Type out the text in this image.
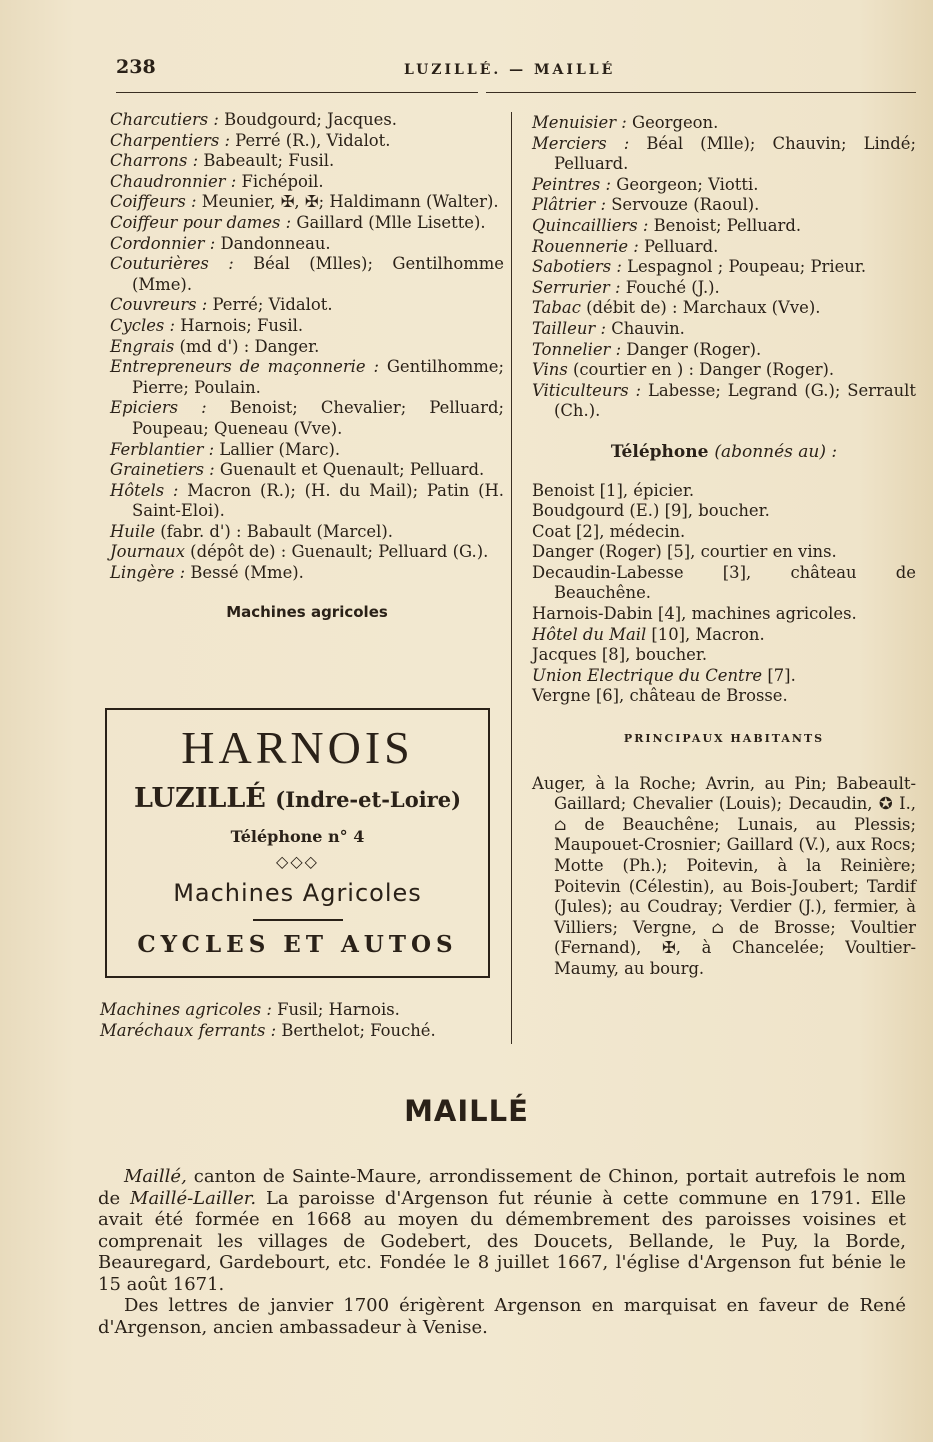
238	LUZILLÉ. — MAILLÉ

Charcutiers : Boudgourd; Jacques.

Charpentiers : Perré (R.), Vidalot.

Charrons : Babeault; Fusil.

Chaudronnier : Fichépoil.

Coiffeurs : Meunier, ✠, ✠; Haldimann (Walter).

Coiffeur pour dames : Gaillard (Mlle Lisette).

Cordonnier : Dandonneau.

Couturières : Béal (Mlles); Gentilhomme (Mme).

Couvreurs : Perré; Vidalot.

Cycles : Harnois; Fusil.

Engrais (md d') : Danger.

Entrepreneurs de maçonnerie : Gentilhomme; Pierre; Poulain.

Epiciers : Benoist; Chevalier; Pelluard; Poupeau; Queneau (Vve).

Ferblantier : Lallier (Marc).

Grainetiers : Guenault et Quenault; Pelluard.

Hôtels : Macron (R.); (H. du Mail); Patin (H. Saint-Eloi).

Huile (fabr. d') : Babault (Marcel).

Journaux (dépôt de) : Guenault; Pelluard (G.).

Lingère : Bessé (Mme).

Machines agricoles
HARNOIS
LUZILLÉ (Indre-et-Loire)
Téléphone n° 4
◇◇◇
Machines Agricoles
CYCLES ET AUTOS

Machines agricoles : Fusil; Harnois.

Maréchaux ferrants : Berthelot; Fouché.

Menuisier : Georgeon.

Merciers : Béal (Mlle); Chauvin; Lindé; Pelluard.

Peintres : Georgeon; Viotti.

Plâtrier : Servouze (Raoul).

Quincailliers : Benoist; Pelluard.

Rouennerie : Pelluard.

Sabotiers : Lespagnol ; Poupeau; Prieur.

Serrurier : Fouché (J.).

Tabac (débit de) : Marchaux (Vve).

Tailleur : Chauvin.

Tonnelier : Danger (Roger).

Vins (courtier en ) : Danger (Roger).

Viticulteurs : Labesse; Legrand (G.); Serrault (Ch.).

Téléphone (abonnés au) :

Benoist [1], épicier.

Boudgourd (E.) [9], boucher.

Coat [2], médecin.

Danger (Roger) [5], courtier en vins.

Decaudin-Labesse [3], château de Beauchêne.

Harnois-Dabin [4], machines agricoles.

Hôtel du Mail [10], Macron.

Jacques [8], boucher.

Union Electrique du Centre [7].

Vergne [6], château de Brosse.

PRINCIPAUX HABITANTS

Auger, à la Roche; Avrin, au Pin; Babeault-Gaillard; Chevalier (Louis); Decaudin, ✪ I., ⌂ de Beauchêne; Lunais, au Plessis; Maupouet-Crosnier; Gaillard (V.), aux Rocs; Motte (Ph.); Poitevin, à la Reinière; Poitevin (Célestin), au Bois-Joubert; Tardif (Jules); au Coudray; Verdier (J.), fermier, à Villiers; Vergne, ⌂ de Brosse; Voultier (Fernand), ✠, à Chancelée; Voultier-Maumy, au bourg.

MAILLÉ

Maillé, canton de Sainte-Maure, arrondissement de Chinon, portait autrefois le nom de Maillé-Lailler. La paroisse d'Argenson fut réunie à cette commune en 1791. Elle avait été formée en 1668 au moyen du démembrement des paroisses voisines et comprenait les villages de Godebert, des Doucets, Bellande, le Puy, la Borde, Beauregard, Gardebourt, etc. Fondée le 8 juillet 1667, l'église d'Argenson fut bénie le 15 août 1671.

Des lettres de janvier 1700 érigèrent Argenson en marquisat en faveur de René d'Argenson, ancien ambassadeur à Venise.
